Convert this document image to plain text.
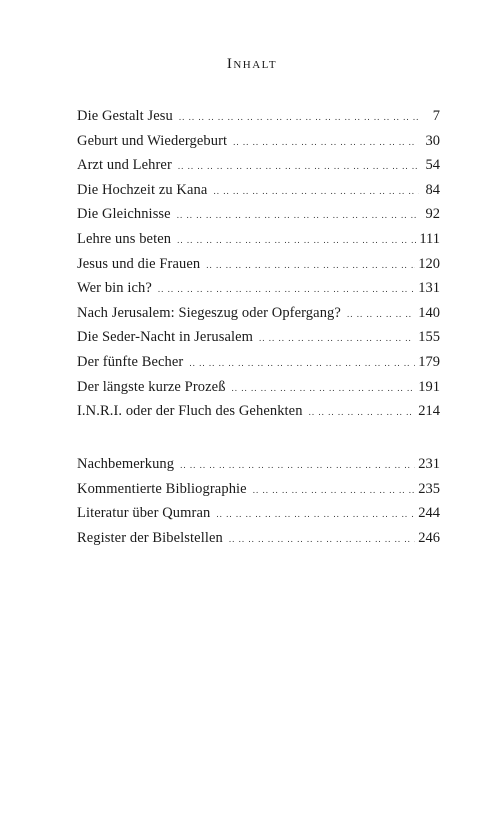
Inhalt
Die Gestalt Jesu .. ..	7
Geburt und Wiedergeburt .. ..	30
Arzt und Lehrer .. ..	54
Die Hochzeit zu Kana .. ..	84
Die Gleichnisse .. ..	92
Lehre uns beten .. ..	111
Jesus und die Frauen .. ..	120
Wer bin ich? .. ..	131
Nach Jerusalem: Siegeszug oder Opfergang? .. ..	140
Die Seder-Nacht in Jerusalem .. ..	155
Der fünfte Becher .. ..	179
Der längste kurze Prozeß .. ..	191
I.N.R.I. oder der Fluch des Gehenkten .. ..	214
Nachbemerkung .. ..	231
Kommentierte Bibliographie .. ..	235
Literatur über Qumran .. ..	244
Register der Bibelstellen .. ..	246
